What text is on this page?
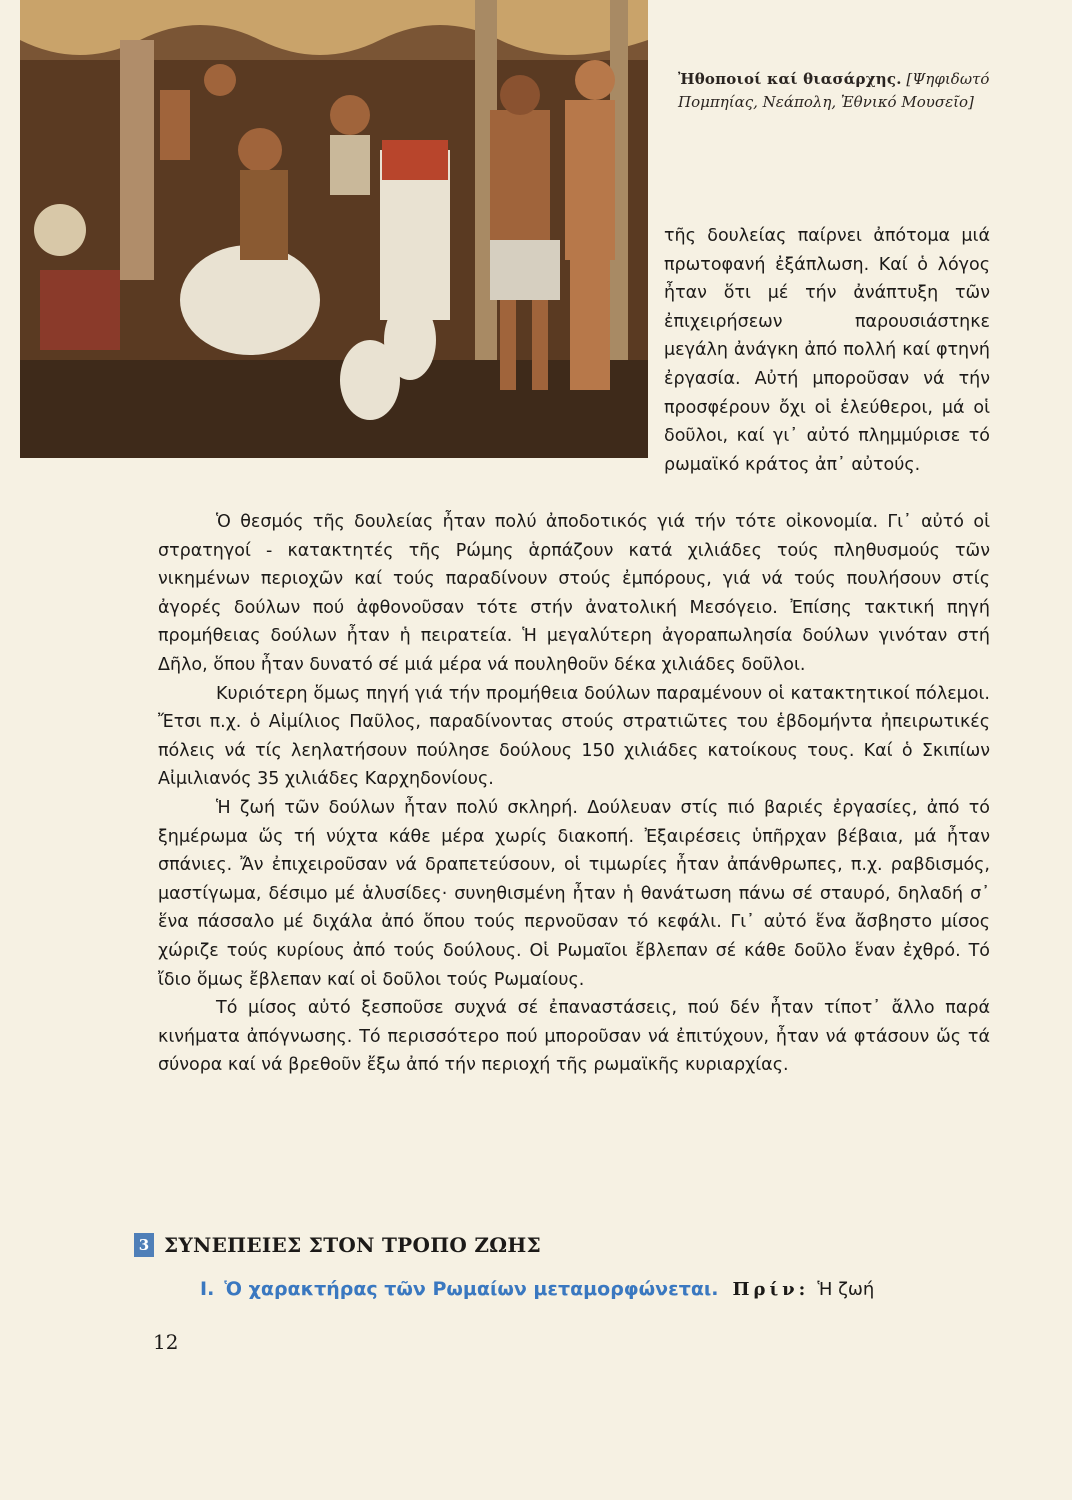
Ἠθοποιοί καί θιασάρχης. [Ψηφιδωτό Πομπηίας, Νεάπολη, Ἐθνικό Μουσεῖο]

τῆς δουλείας παίρνει ἀπότομα μιά πρωτοφανή ἐξάπλωση. Καί ὁ λόγος ἦταν ὅτι μέ τήν ἀνάπτυξη τῶν ἐπιχειρήσεων παρουσιάστηκε μεγάλη ἀνάγκη ἀπό πολλή καί φτηνή ἐργασία. Αὐτή μποροῦσαν νά τήν προσφέρουν ὄχι οἱ ἐλεύθεροι, μά οἱ δοῦλοι, καί γι᾿ αὐτό πλημμύρισε τό ρωμαϊκό κράτος ἀπ᾿ αὐτούς.

Ὁ θεσμός τῆς δουλείας ἦταν πολύ ἀποδοτικός γιά τήν τότε οἰκονομία. Γι᾿ αὐτό οἱ στρατηγοί - κατακτητές τῆς Ρώμης ἁρπάζουν κατά χιλιάδες τούς πληθυσμούς τῶν νικημένων περιοχῶν καί τούς παραδίνουν στούς ἐμπόρους, γιά νά τούς πουλήσουν στίς ἀγορές δούλων πού ἀφθονοῦσαν τότε στήν ἀνατολική Μεσόγειο. Ἐπίσης τακτική πηγή προμήθειας δούλων ἦταν ἡ πειρατεία. Ἡ μεγαλύτερη ἀγοραπωλησία δούλων γινόταν στή Δῆλο, ὅπου ἦταν δυνατό σέ μιά μέρα νά πουληθοῦν δέκα χιλιάδες δοῦλοι.

Κυριότερη ὅμως πηγή γιά τήν προμήθεια δούλων παραμένουν οἱ κατακτητικοί πόλεμοι. Ἔτσι π.χ. ὁ Αἰμίλιος Παῦλος, παραδίνοντας στούς στρατιῶτες του ἑβδομήντα ἠπειρωτικές πόλεις νά τίς λεηλατήσουν πούλησε δούλους 150 χιλιάδες κατοίκους τους. Καί ὁ Σκιπίων Αἰμιλιανός 35 χιλιάδες Καρχηδονίους.

Ἡ ζωή τῶν δούλων ἦταν πολύ σκληρή. Δούλευαν στίς πιό βαριές ἐργασίες, ἀπό τό ξημέρωμα ὥς τή νύχτα κάθε μέρα χωρίς διακοπή. Ἐξαιρέσεις ὑπῆρχαν βέβαια, μά ἦταν σπάνιες. Ἄν ἐπιχειροῦσαν νά δραπετεύσουν, οἱ τιμωρίες ἦταν ἀπάνθρωπες, π.χ. ραβδισμός, μαστίγωμα, δέσιμο μέ ἁλυσίδες· συνηθισμένη ἦταν ἡ θανάτωση πάνω σέ σταυρό, δηλαδή σ᾿ ἕνα πάσσαλο μέ διχάλα ἀπό ὅπου τούς περνοῦσαν τό κεφάλι. Γι᾿ αὐτό ἕνα ἄσβηστο μίσος χώριζε τούς κυρίους ἀπό τούς δούλους. Οἱ Ρωμαῖοι ἔβλεπαν σέ κάθε δοῦλο ἕναν ἐχθρό. Τό ἴδιο ὅμως ἔβλεπαν καί οἱ δοῦλοι τούς Ρωμαίους.

Τό μίσος αὐτό ξεσποῦσε συχνά σέ ἐπαναστάσεις, πού δέν ἦταν τίποτ᾿ ἄλλο παρά κινήματα ἀπόγνωσης. Τό περισσότερο πού μποροῦσαν νά ἐπιτύχουν, ἦταν νά φτάσουν ὥς τά σύνορα καί νά βρεθοῦν ἔξω ἀπό τήν περιοχή τῆς ρωμαϊκῆς κυριαρχίας.

3 ΣΥΝΕΠΕΙΕΣ ΣΤΟΝ ΤΡΟΠΟ ΖΩΗΣ
I. Ὁ χαρακτήρας τῶν Ρωμαίων μεταμορφώνεται. Πρίν: Ἡ ζωή
12
